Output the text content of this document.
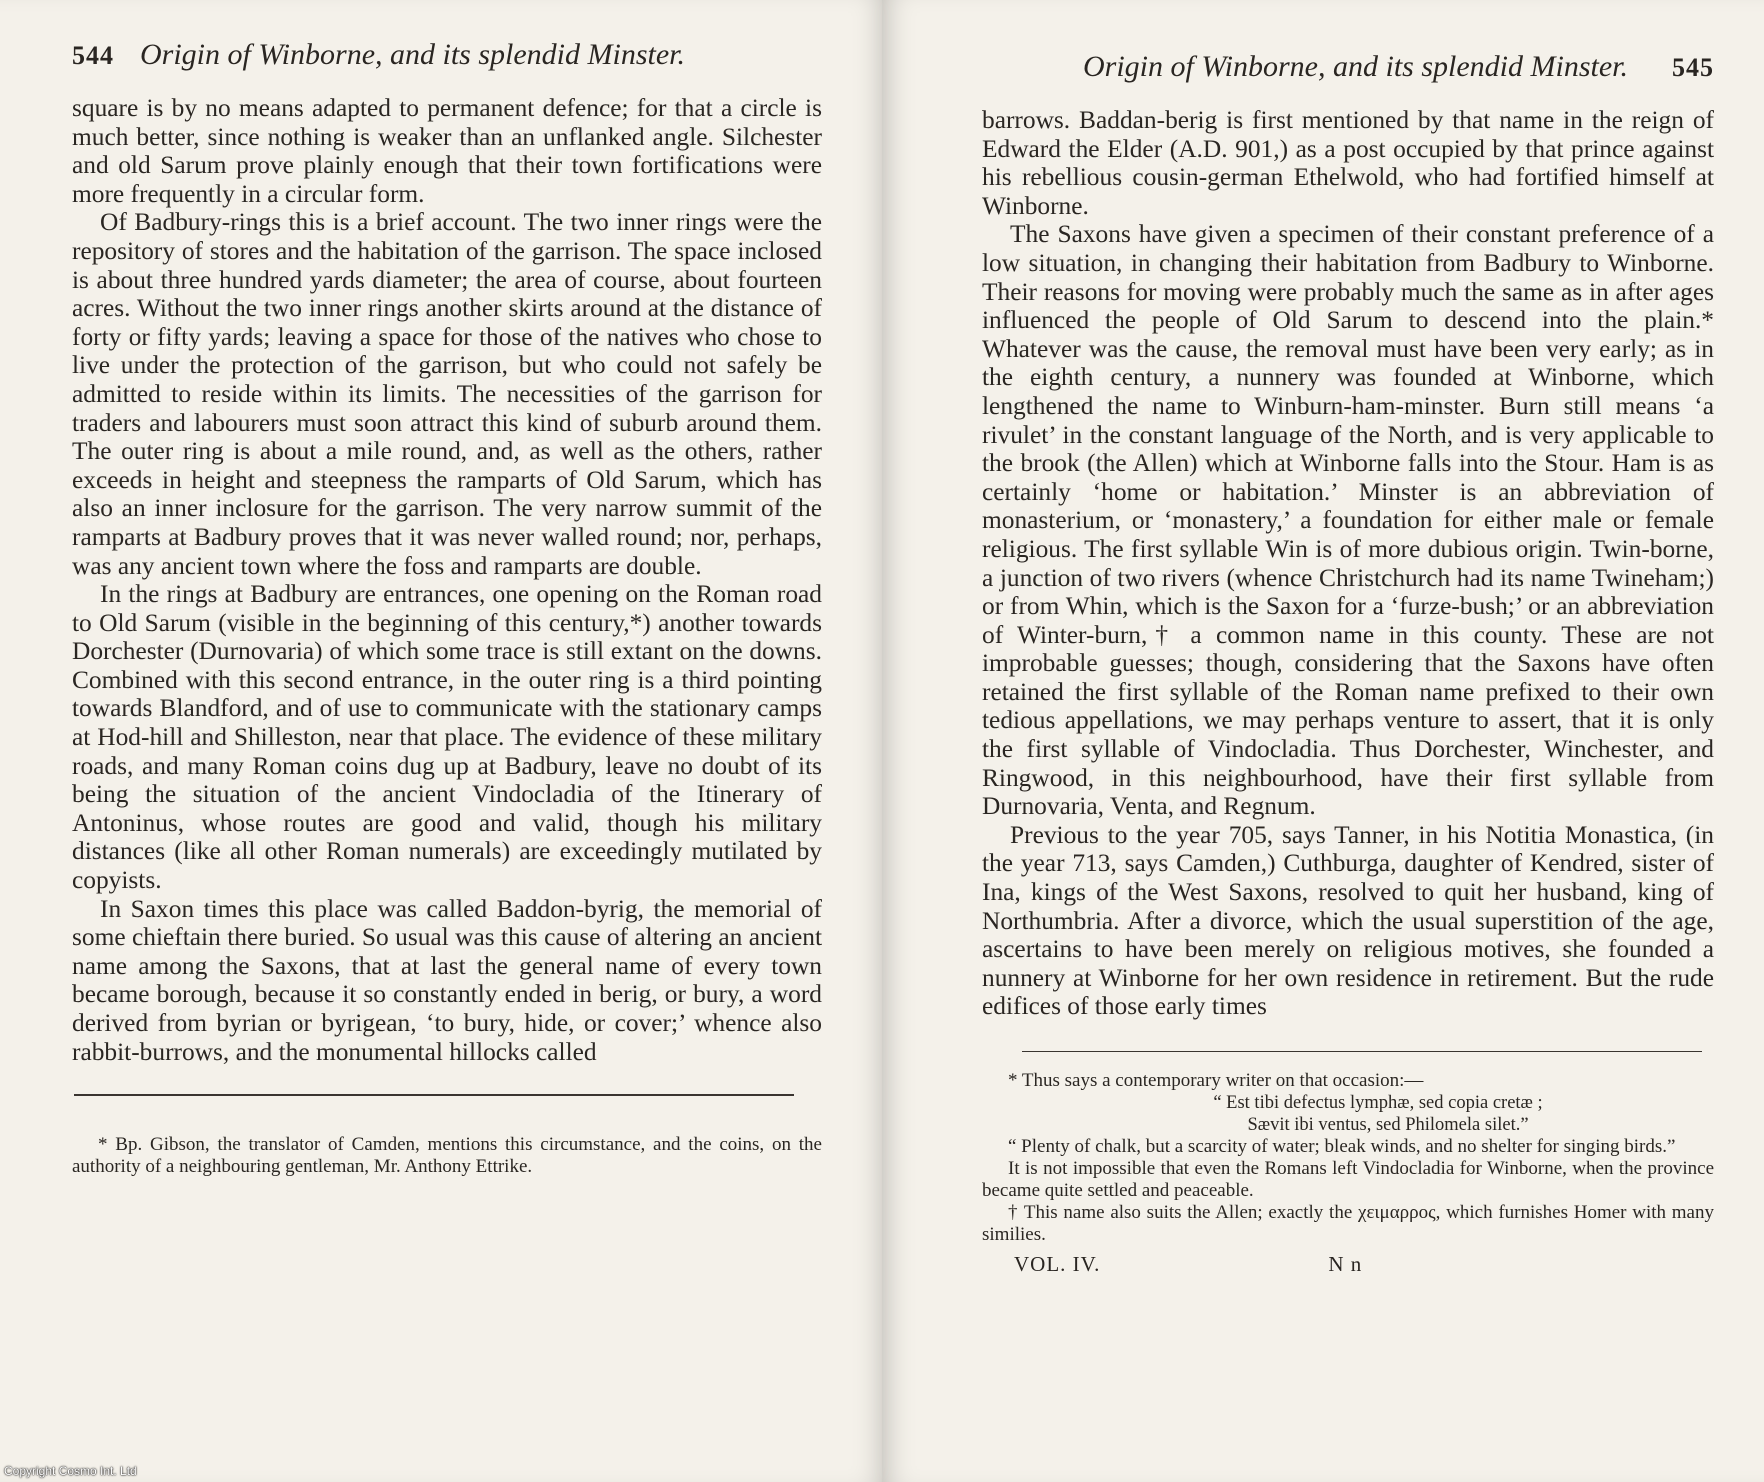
544 Origin of Winborne, and its splendid Minster.

square is by no means adapted to permanent defence; for that a circle is much better, since nothing is weaker than an unflanked angle. Silchester and old Sarum prove plainly enough that their town fortifications were more frequently in a circular form.

Of Badbury-rings this is a brief account. The two inner rings were the repository of stores and the habitation of the garrison. The space inclosed is about three hundred yards diameter; the area of course, about fourteen acres. Without the two inner rings another skirts around at the distance of forty or fifty yards; leaving a space for those of the natives who chose to live under the protection of the garrison, but who could not safely be admitted to reside within its limits. The necessities of the garrison for traders and labourers must soon attract this kind of suburb around them. The outer ring is about a mile round, and, as well as the others, rather exceeds in height and steepness the ramparts of Old Sarum, which has also an inner inclosure for the garrison. The very narrow summit of the ramparts at Badbury proves that it was never walled round; nor, perhaps, was any ancient town where the foss and ramparts are double.

In the rings at Badbury are entrances, one opening on the Roman road to Old Sarum (visible in the beginning of this century,*) another towards Dorchester (Durnovaria) of which some trace is still extant on the downs. Combined with this second entrance, in the outer ring is a third pointing towards Blandford, and of use to communicate with the stationary camps at Hod-hill and Shilleston, near that place. The evidence of these military roads, and many Roman coins dug up at Badbury, leave no doubt of its being the situation of the ancient Vindocladia of the Itinerary of Antoninus, whose routes are good and valid, though his military distances (like all other Roman numerals) are exceedingly mutilated by copyists.

In Saxon times this place was called Baddon-byrig, the memorial of some chieftain there buried. So usual was this cause of altering an ancient name among the Saxons, that at last the general name of every town became borough, because it so constantly ended in berig, or bury, a word derived from byrian or byrigean, ‘to bury, hide, or cover;’ whence also rabbit-burrows, and the monumental hillocks called

* Bp. Gibson, the translator of Camden, mentions this circumstance, and the coins, on the authority of a neighbouring gentleman, Mr. Anthony Ettrike.

Origin of Winborne, and its splendid Minster. 545

barrows. Baddan-berig is first mentioned by that name in the reign of Edward the Elder (A.D. 901,) as a post occupied by that prince against his rebellious cousin-german Ethelwold, who had fortified himself at Winborne.

The Saxons have given a specimen of their constant preference of a low situation, in changing their habitation from Badbury to Winborne. Their reasons for moving were probably much the same as in after ages influenced the people of Old Sarum to descend into the plain.* Whatever was the cause, the removal must have been very early; as in the eighth century, a nunnery was founded at Winborne, which lengthened the name to Winburn-ham-minster. Burn still means ‘a rivulet’ in the constant language of the North, and is very applicable to the brook (the Allen) which at Winborne falls into the Stour. Ham is as certainly ‘home or habitation.’ Minster is an abbreviation of monasterium, or ‘monastery,’ a foundation for either male or female religious. The first syllable Win is of more dubious origin. Twin-borne, a junction of two rivers (whence Christchurch had its name Twineham;) or from Whin, which is the Saxon for a ‘furze-bush;’ or an abbreviation of Winter-burn,† a common name in this county. These are not improbable guesses; though, considering that the Saxons have often retained the first syllable of the Roman name prefixed to their own tedious appellations, we may perhaps venture to assert, that it is only the first syllable of Vindocladia. Thus Dorchester, Winchester, and Ringwood, in this neighbourhood, have their first syllable from Durnovaria, Venta, and Regnum.

Previous to the year 705, says Tanner, in his Notitia Monastica, (in the year 713, says Camden,) Cuthburga, daughter of Kendred, sister of Ina, kings of the West Saxons, resolved to quit her husband, king of Northumbria. After a divorce, which the usual superstition of the age, ascertains to have been merely on religious motives, she founded a nunnery at Winborne for her own residence in retirement. But the rude edifices of those early times

* Thus says a contemporary writer on that occasion:—

“ Est tibi defectus lymphæ, sed copia cretæ ;

Sævit ibi ventus, sed Philomela silet.”

“ Plenty of chalk, but a scarcity of water; bleak winds, and no shelter for singing birds.”

It is not impossible that even the Romans left Vindocladia for Winborne, when the province became quite settled and peaceable.

† This name also suits the Allen; exactly the χειμαρρος, which furnishes Homer with many similies.

VOL. IV.	N n
Copyright Cosmo Int. Ltd
